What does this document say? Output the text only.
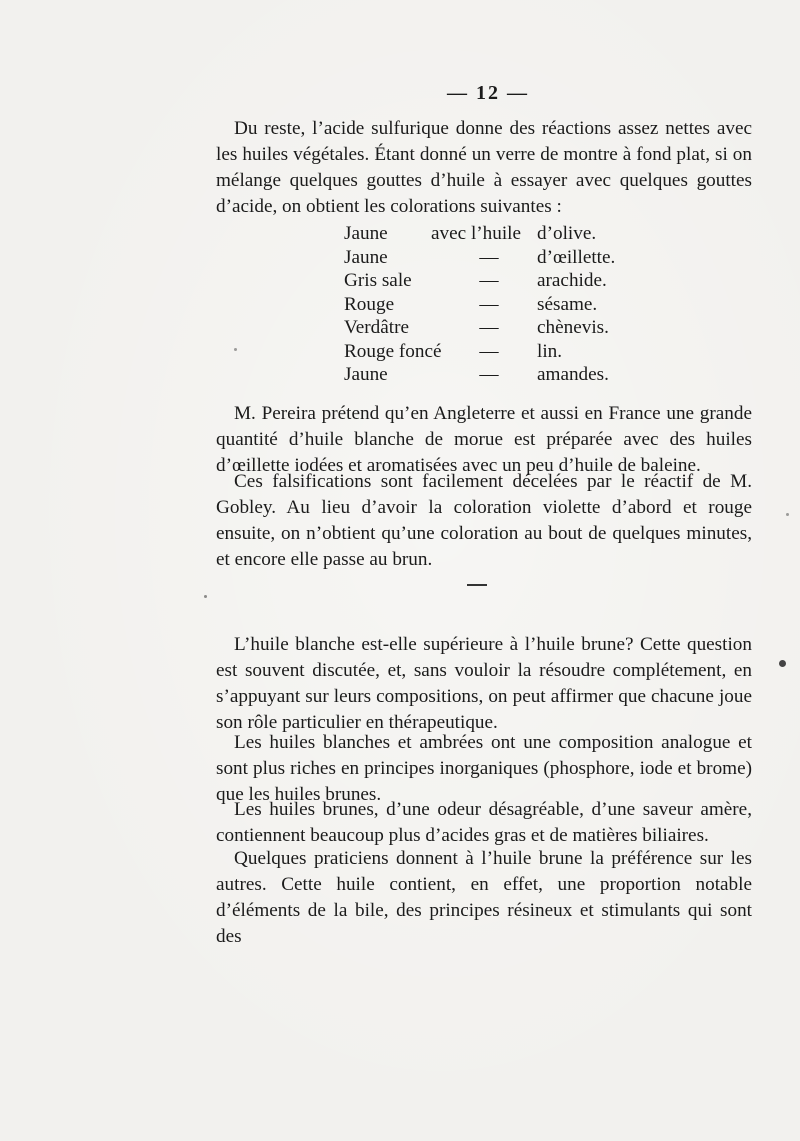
— 12 —

Du reste, l’acide sulfurique donne des réactions assez nettes avec les huiles végétales. Étant donné un verre de montre à fond plat, si on mélange quelques gouttes d’huile à essayer avec quelques gouttes d’acide, on obtient les colorations suivantes :

Jaune avec l’huile d’olive.
Jaune	— d’œillette.
Gris sale	— arachide.
Rouge	— sésame.
Verdâtre	— chènevis.
Rouge foncé — lin.
Jaune	— amandes.

M. Pereira prétend qu’en Angleterre et aussi en France une grande quantité d’huile blanche de morue est préparée avec des huiles d’œillette iodées et aromatisées avec un peu d’huile de baleine.

Ces falsifications sont facilement décelées par le réactif de M. Gobley. Au lieu d’avoir la coloration violette d’abord et rouge ensuite, on n’obtient qu’une coloration au bout de quelques minutes, et encore elle passe au brun.

L’huile blanche est-elle supérieure à l’huile brune? Cette question est souvent discutée, et, sans vouloir la résoudre complétement, en s’appuyant sur leurs compositions, on peut affirmer que chacune joue son rôle particulier en thérapeutique.

Les huiles blanches et ambrées ont une composition analogue et sont plus riches en principes inorganiques (phosphore, iode et brome) que les huiles brunes.

Les huiles brunes, d’une odeur désagréable, d’une saveur amère, contiennent beaucoup plus d’acides gras et de matières biliaires.

Quelques praticiens donnent à l’huile brune la préférence sur les autres. Cette huile contient, en effet, une proportion notable d’éléments de la bile, des principes résineux et stimulants qui sont des
